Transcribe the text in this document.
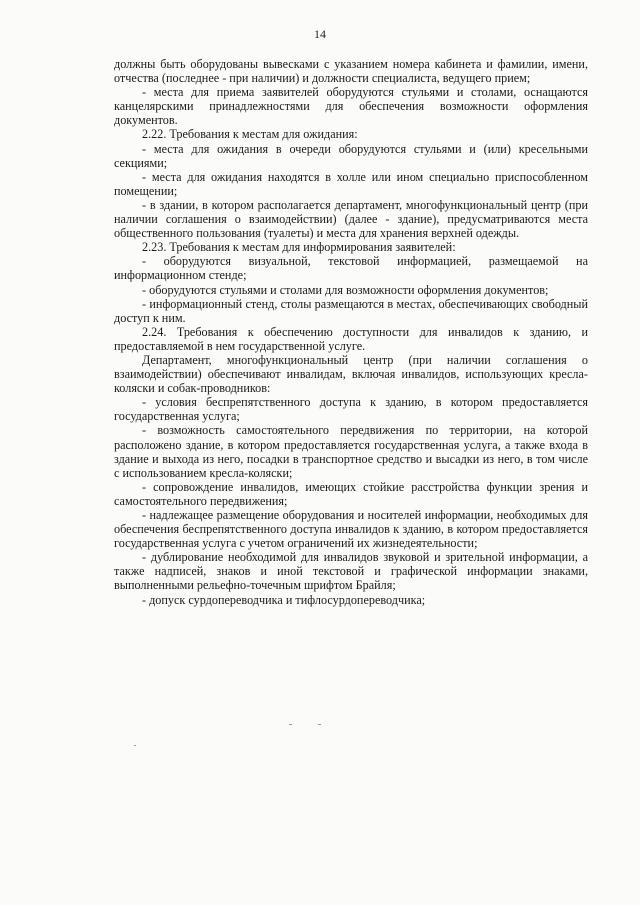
14

должны быть оборудованы вывесками с указанием номера кабинета и фамилии, имени, отчества (последнее - при наличии) и должности специалиста, ведущего прием;

- места для приема заявителей оборудуются стульями и столами, оснащаются канцелярскими принадлежностями для обеспечения возможности оформления документов.

2.22. Требования к местам для ожидания:

- места для ожидания в очереди оборудуются стульями и (или) кресельными секциями;

- места для ожидания находятся в холле или ином специально приспособленном помещении;

- в здании, в котором располагается департамент, многофункциональный центр (при наличии соглашения о взаимодействии) (далее - здание), предусматриваются места общественного пользования (туалеты) и места для хранения верхней одежды.

2.23. Требования к местам для информирования заявителей:

- оборудуются визуальной, текстовой информацией, размещаемой на информационном стенде;

- оборудуются стульями и столами для возможности оформления документов;

- информационный стенд, столы размещаются в местах, обеспечивающих свободный доступ к ним.

2.24. Требования к обеспечению доступности для инвалидов к зданию, и предоставляемой в нем государственной услуге.

Департамент, многофункциональный центр (при наличии соглашения о взаимодействии) обеспечивают инвалидам, включая инвалидов, использующих кресла-коляски и собак-проводников:

- условия беспрепятственного доступа к зданию, в котором предоставляется государственная услуга;

- возможность самостоятельного передвижения по территории, на которой расположено здание, в котором предоставляется государственная услуга, а также входа в здание и выхода из него, посадки в транспортное средство и высадки из него, в том числе с использованием кресла-коляски;

- сопровождение инвалидов, имеющих стойкие расстройства функции зрения и самостоятельного передвижения;

- надлежащее размещение оборудования и носителей информации, необходимых для обеспечения беспрепятственного доступа инвалидов к зданию, в котором предоставляется государственная услуга с учетом ограничений их жизнедеятельности;

- дублирование необходимой для инвалидов звуковой и зрительной информации, а также надписей, знаков и иной текстовой и графической информации знаками, выполненными рельефно-точечным шрифтом Брайля;

- допуск сурдопереводчика и тифлосурдопереводчика;
